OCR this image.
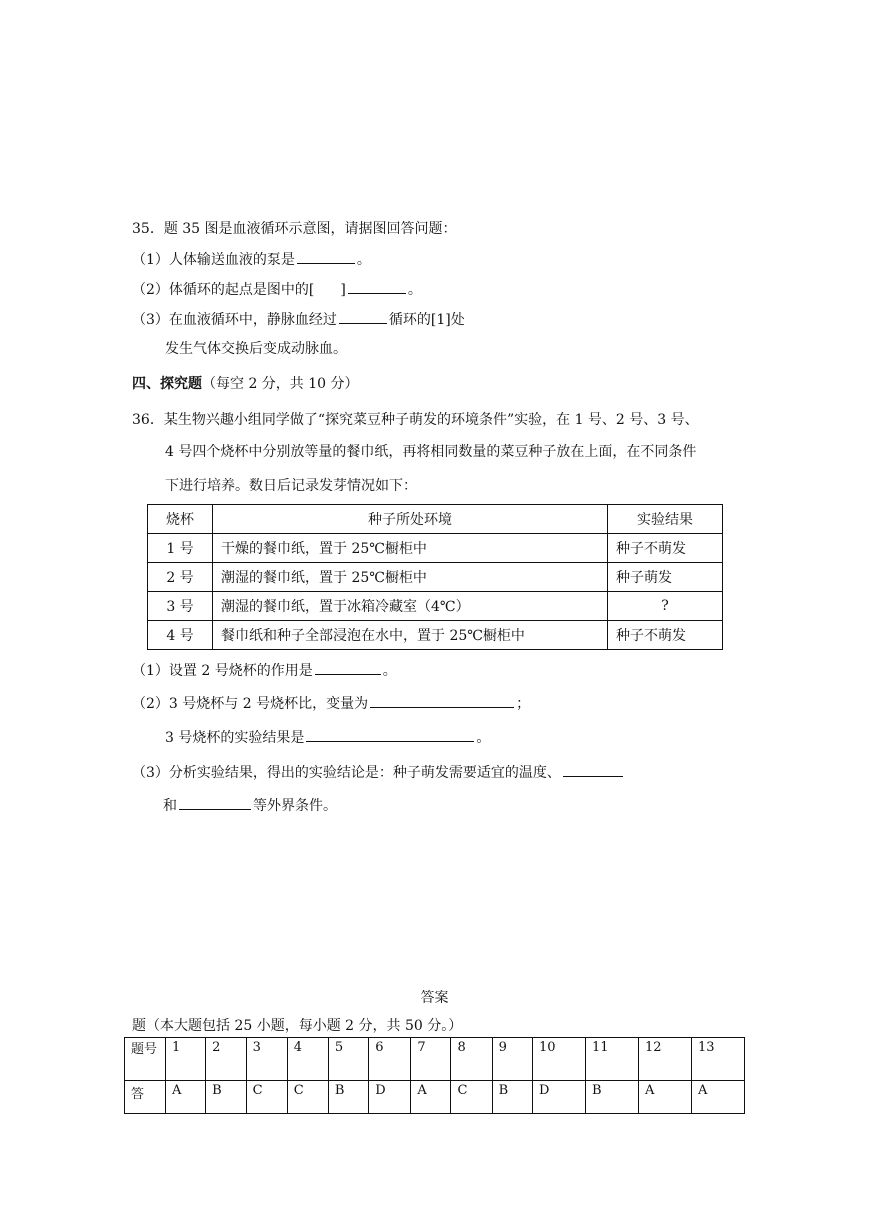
35．题 35 图是血液循环示意图，请据图回答问题：
（1）人体输送血液的泵是	。
（2）体循环的起点是图中的[ ]	。
（3）在血液循环中，静脉血经过	循环的[1]处
发生气体交换后变成动脉血。
四、探究题（每空 2 分，共 10 分）
36．某生物兴趣小组同学做了“探究菜豆种子萌发的环境条件”实验，在 1 号、2 号、3 号、
4 号四个烧杯中分别放等量的餐巾纸，再将相同数量的菜豆种子放在上面，在不同条件
下进行培养。数日后记录发芽情况如下：
烧杯	种子所处环境	实验结果
1 号	干燥的餐巾纸，置于 25℃橱柜中	种子不萌发
2 号	潮湿的餐巾纸，置于 25℃橱柜中	种子萌发
3 号	潮湿的餐巾纸，置于冰箱冷藏室（4℃）	?
4 号	餐巾纸和种子全部浸泡在水中，置于 25℃橱柜中	种子不萌发
（1）设置 2 号烧杯的作用是	。
（2）3 号烧杯与 2 号烧杯比，变量为	；
3 号烧杯的实验结果是	。
（3）分析实验结果，得出的实验结论是：种子萌发需要适宜的温度、
和	等外界条件。
答案
题（本大题包括 25 小题，每小题 2 分，共 50 分。）
题号	1	2	3	4	5	6	7	8	9	10	11	12	13
答	A	B	C	C	B	D	A	C	B	D	B	A	A
